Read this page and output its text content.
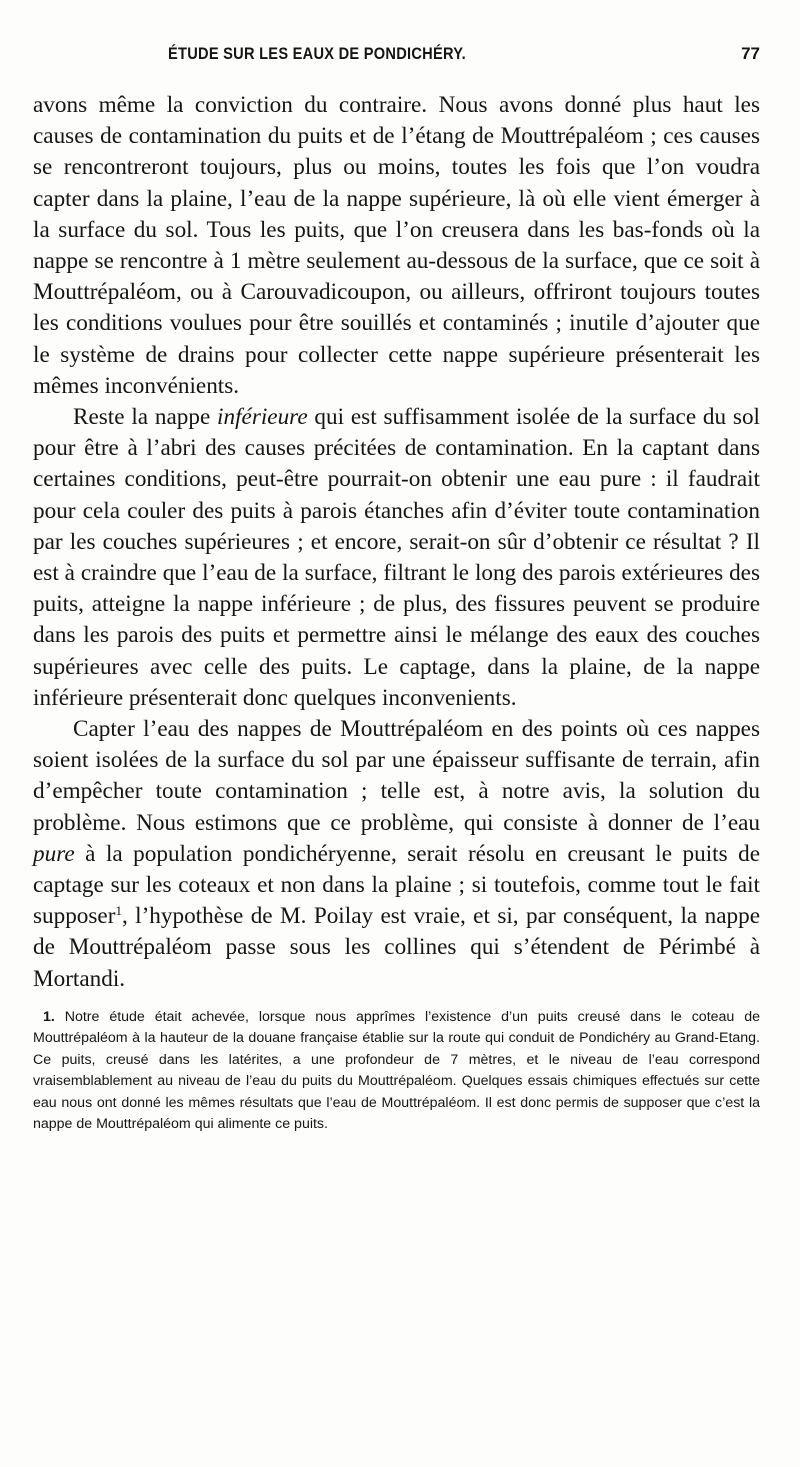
ÉTUDE SUR LES EAUX DE PONDICHÉRY.	77

avons même la conviction du contraire. Nous avons donné plus haut les causes de contamination du puits et de l’étang de Mouttrépaléom ; ces causes se rencontreront toujours, plus ou moins, toutes les fois que l’on voudra capter dans la plaine, l’eau de la nappe supérieure, là où elle vient émerger à la surface du sol. Tous les puits, que l’on creusera dans les bas-fonds où la nappe se rencontre à 1 mètre seulement au-dessous de la surface, que ce soit à Mouttrépaléom, ou à Carouvadicoupon, ou ailleurs, offriront toujours toutes les conditions voulues pour être souillés et contaminés ; inutile d’ajouter que le système de drains pour collecter cette nappe supérieure présenterait les mêmes inconvénients.

Reste la nappe inférieure qui est suffisamment isolée de la surface du sol pour être à l’abri des causes précitées de contamination. En la captant dans certaines conditions, peut-être pourrait-on obtenir une eau pure : il faudrait pour cela couler des puits à parois étanches afin d’éviter toute contamination par les couches supérieures ; et encore, serait-on sûr d’obtenir ce résultat ? Il est à craindre que l’eau de la surface, filtrant le long des parois extérieures des puits, atteigne la nappe inférieure ; de plus, des fissures peuvent se produire dans les parois des puits et permettre ainsi le mélange des eaux des couches supérieures avec celle des puits. Le captage, dans la plaine, de la nappe inférieure présenterait donc quelques inconvenients.

Capter l’eau des nappes de Mouttrépaléom en des points où ces nappes soient isolées de la surface du sol par une épaisseur suffisante de terrain, afin d’empêcher toute contamination ; telle est, à notre avis, la solution du problème. Nous estimons que ce problème, qui consiste à donner de l’eau pure à la population pondichéryenne, serait résolu en creusant le puits de captage sur les coteaux et non dans la plaine ; si toutefois, comme tout le fait supposer$^1$, l’hypothèse de M. Poilay est vraie, et si, par conséquent, la nappe de Mouttrépaléom passe sous les collines qui s’étendent de Périmbé à Mortandi.

1. Notre étude était achevée, lorsque nous apprîmes l’existence d’un puits creusé dans le coteau de Mouttrépaléom à la hauteur de la douane française établie sur la route qui conduit de Pondichéry au Grand-Etang. Ce puits, creusé dans les latérites, a une profondeur de 7 mètres, et le niveau de l’eau correspond vraisemblablement au niveau de l’eau du puits du Mouttrépaléom. Quelques essais chimiques effectués sur cette eau nous ont donné les mêmes résultats que l’eau de Mouttrépaléom. Il est donc permis de supposer que c’est la nappe de Mouttrépaléom qui alimente ce puits.
